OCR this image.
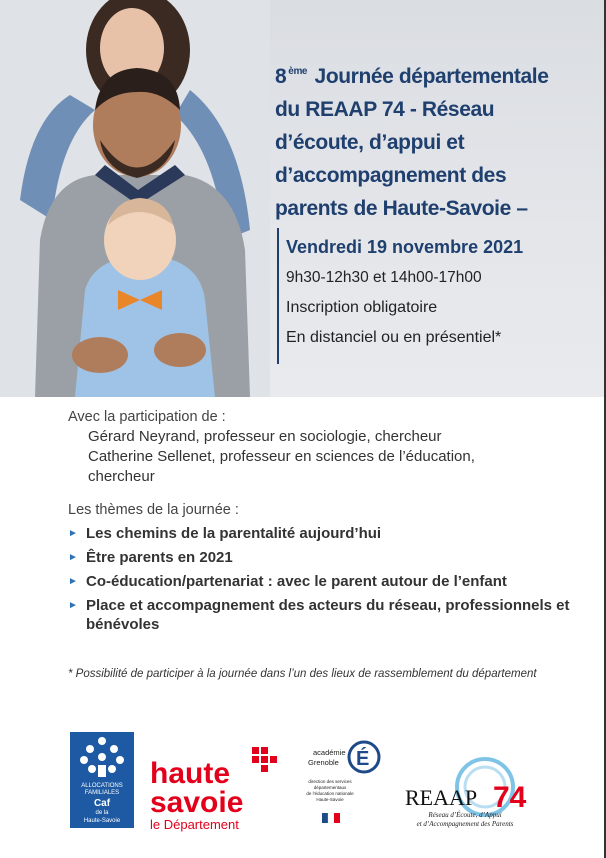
8 $^{ème}$ Journée départementale
du REAAP 74 - Réseau
d’écoute, d’appui et
d’accompagnement des
parents de Haute-Savoie –

Vendredi 19 novembre 2021

9h30-12h30 et 14h00-17h00

Inscription obligatoire

En distanciel ou en présentiel*

Avec la participation de :

Gérard Neyrand, professeur en sociologie, chercheur

Catherine Sellenet, professeur en sciences de l’éducation,

chercheur

Les thèmes de la journée :

► Les chemins de la parentalité aujourd’hui
► Être parents en 2021
► Co-éducation/partenariat : avec le parent autour de l’enfant
► Place et accompagnement des acteurs du réseau, professionnels et bénévoles

* Possibilité de participer à la journée dans l’un des lieux de rassemblement du département

ALLOCATIONS
FAMILIALES
Caf
de la
Haute-Savoie
haute
savoie
le Département
académie
Grenoble É
direction des services
départementaux
de l’éducation nationale
Haute-Savoie	REAAP 74
Réseau d’Écoute, d’Appui
et d’Accompagnement des Parents
